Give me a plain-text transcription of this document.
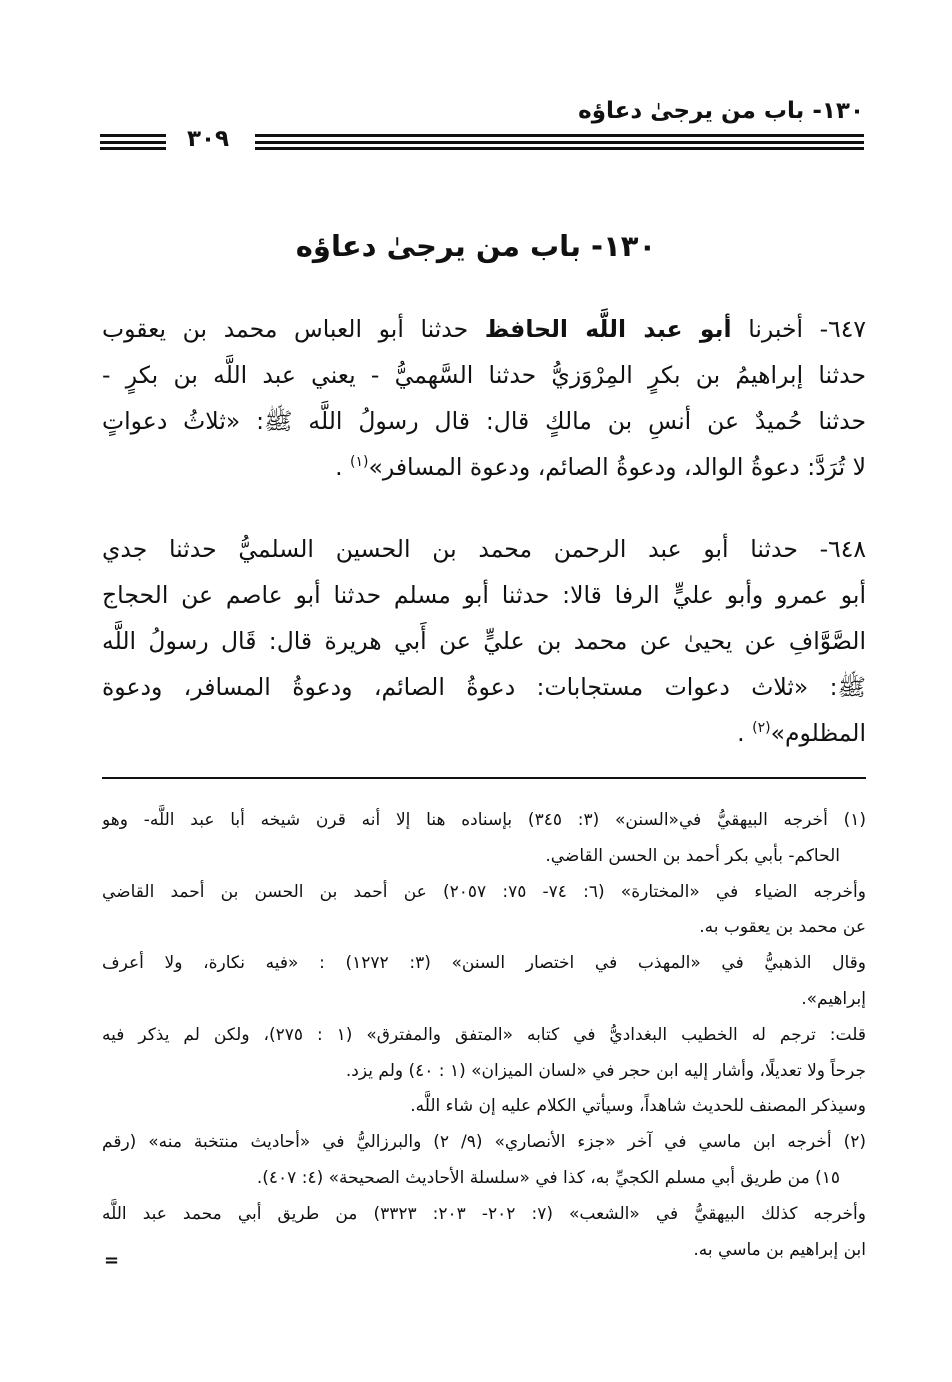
١٣٠- باب من يرجىٰ دعاؤه
٣٠٩
١٣٠- باب من يرجىٰ دعاؤه
٦٤٧- أخبرنا أبو عبد اللَّه الحافظ حدثنا أبو العباس محمد بن يعقوب
حدثنا إبراهيمُ بن بكرٍ المِرْوَزيُّ حدثنا السَّهميُّ - يعني عبد اللَّه بن بكرٍ -
حدثنا حُميدٌ عن أنسِ بن مالكٍ قال: قال رسولُ اللَّه ﷺ: «ثلاثُ دعواتٍ
لا تُرَدَّ: دعوةُ الوالد، ودعوةُ الصائم، ودعوة المسافر»$^{(١)}$ .
٦٤٨- حدثنا أبو عبد الرحمن محمد بن الحسين السلميُّ حدثنا جدي
أبو عمرو وأبو عليٍّ الرفا قالا: حدثنا أبو مسلم حدثنا أبو عاصم عن الحجاج
الصَّوَّافِ عن يحيىٰ عن محمد بن عليٍّ عن أَبي هريرة قال: قَال رسولُ اللَّه
ﷺ: «ثلاث دعوات مستجابات: دعوةُ الصائم، ودعوةُ المسافر، ودعوة
المظلوم»$^{(٢)}$ .
(١) أخرجه البيهقيُّ في«السنن» (٣: ٣٤٥) بإسناده هنا إلا أنه قرن شيخه أبا عبد اللَّه- وهو
الحاكم- بأبي بكر أحمد بن الحسن القاضي.
وأخرجه الضياء في «المختارة» (٦: ٧٤- ٧٥: ٢٠٥٧) عن أحمد بن الحسن بن أحمد القاضي
عن محمد بن يعقوب به.
وقال الذهبيُّ في «المهذب في اختصار السنن» (٣: ١٢٧٢) : «فيه نكارة، ولا أعرف
إبراهيم».
قلت: ترجم له الخطيب البغداديُّ في كتابه «المتفق والمفترق» (١ : ٢٧٥)، ولكن لم يذكر فيه
جرحاً ولا تعديلًا، وأشار إليه ابن حجر في «لسان الميزان» (١ : ٤٠) ولم يزد.
وسيذكر المصنف للحديث شاهداً، وسيأتي الكلام عليه إن شاء اللَّه.
(٢) أخرجه ابن ماسي في آخر «جزء الأنصاري» (٩/ ٢) والبرزاليُّ في «أحاديث منتخبة منه» (رقم
١٥) من طريق أبي مسلم الكجيِّ به، كذا في «سلسلة الأحاديث الصحيحة» (٤: ٤٠٧).
وأخرجه كذلك البيهقيُّ في «الشعب» (٧: ٢٠٢- ٢٠٣: ٣٣٢٣) من طريق أبي محمد عبد اللَّه
ابن إبراهيم بن ماسي به.
=
